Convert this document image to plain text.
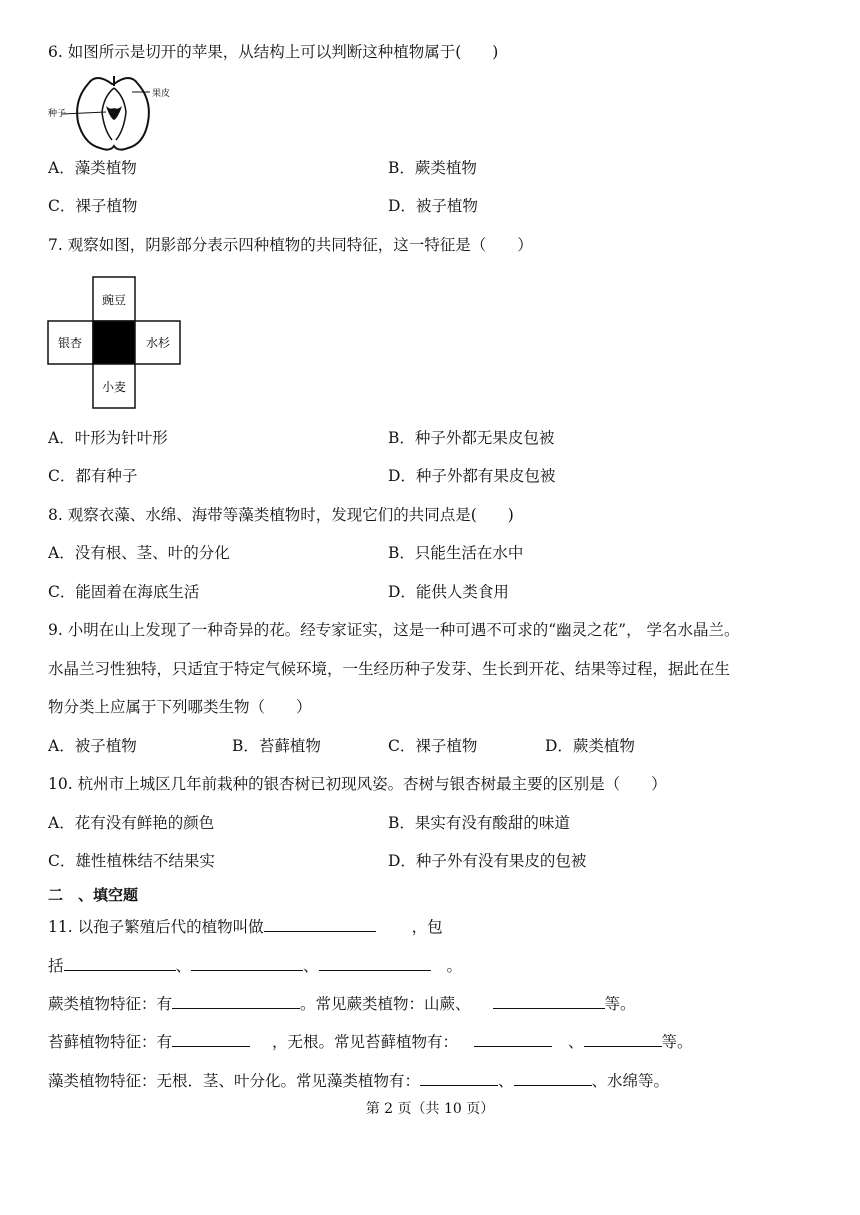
6. 如图所示是切开的苹果，从结构上可以判断这种植物属于(　　)
种子
果皮
A．藻类植物	B．蕨类植物
C．裸子植物	D．被子植物
7. 观察如图，阴影部分表示四种植物的共同特征，这一特征是（　　）
豌豆
银杏	水杉
小麦
A．叶形为针叶形	B．种子外都无果皮包被
C．都有种子	D．种子外都有果皮包被
8. 观察衣藻、水绵、海带等藻类植物时，发现它们的共同点是(　　)
A．没有根、茎、叶的分化	B．只能生活在水中
C．能固着在海底生活	D．能供人类食用
9. 小明在山上发现了一种奇异的花。经专家证实，这是一种可遇不可求的“幽灵之花”， 学名水晶兰。
水晶兰习性独特，只适宜于特定气候环境，一生经历种子发芽、生长到开花、结果等过程，据此在生
物分类上应属于下列哪类生物（　　）
A．被子植物	B．苔藓植物	C．裸子植物	D．蕨类植物
10. 杭州市上城区几年前栽种的银杏树已初现风姿。杏树与银杏树最主要的区别是（　　）
A．花有没有鲜艳的颜色	B．果实有没有酸甜的味道
C．雄性植株结不结果实	D．种子外有没有果皮的包被
二　、填空题
11. 以孢子繁殖后代的植物叫做	，包
括	、	、	。
蕨类植物特征：有	。常见蕨类植物：山蕨、	等。
苔藓植物特征：有	，无根。常见苔藓植物有：	、	等。
藻类植物特征：无根．茎、叶分化。常见藻类植物有：	、	、水绵等。
第 2 页（共 10 页）
